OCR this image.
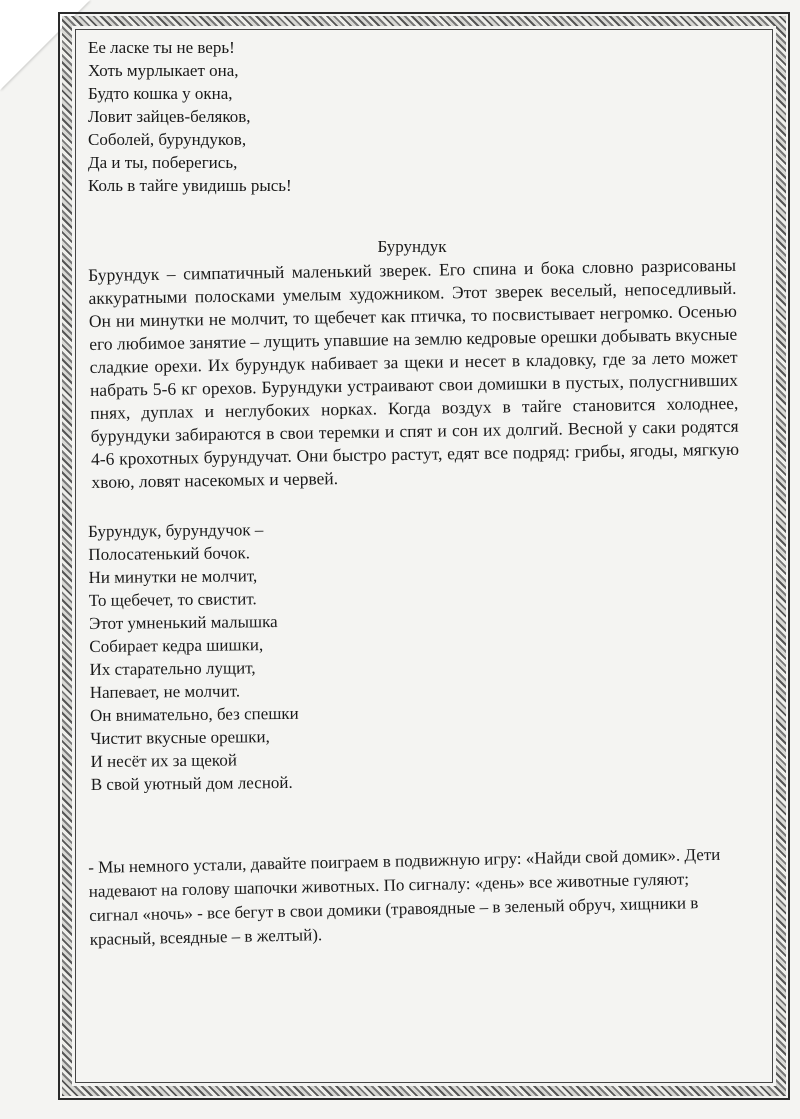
Ее ласке ты не верь!
Хоть мурлыкает она,
Будто кошка у окна,
Ловит зайцев-беляков,
Соболей, бурундуков,
Да и ты, поберегись,
Коль в тайге увидишь рысь!
Бурундук

Бурундук – симпатичный маленький зверек. Его спина и бока словно разрисованы аккуратными полосками умелым художником. Этот зверек веселый, непоседливый. Он ни минутки не молчит, то щебечет как птичка, то посвистывает негромко. Осенью его любимое занятие – лущить упавшие на землю кедровые орешки добывать вкусные сладкие орехи. Их бурундук набивает за щеки и несет в кладовку, где за лето может набрать 5-6 кг орехов. Бурундуки устраивают свои домишки в пустых, полусгнивших пнях, дуплах и неглубоких норках. Когда воздух в тайге становится холоднее, бурундуки забираются в свои теремки и спят и сон их долгий. Весной у саки родятся 4-6 крохотных бурундучат. Они быстро растут, едят все подряд: грибы, ягоды, мягкую хвою, ловят насекомых и червей.

Бурундук, бурундучок –
Полосатенький бочок.
Ни минутки не молчит,
То щебечет, то свистит.
Этот умненький малышка
Собирает кедра шишки,
Их старательно лущит,
Напевает, не молчит.
Он внимательно, без спешки
Чистит вкусные орешки,
И несёт их за щекой
В свой уютный дом лесной.

- Мы немного устали, давайте поиграем в подвижную игру: «Найди свой домик». Дети надевают на голову шапочки животных. По сигналу: «день» все животные гуляют; сигнал «ночь» - все бегут в свои домики (травоядные – в зеленый обруч, хищники в красный, всеядные – в желтый).
